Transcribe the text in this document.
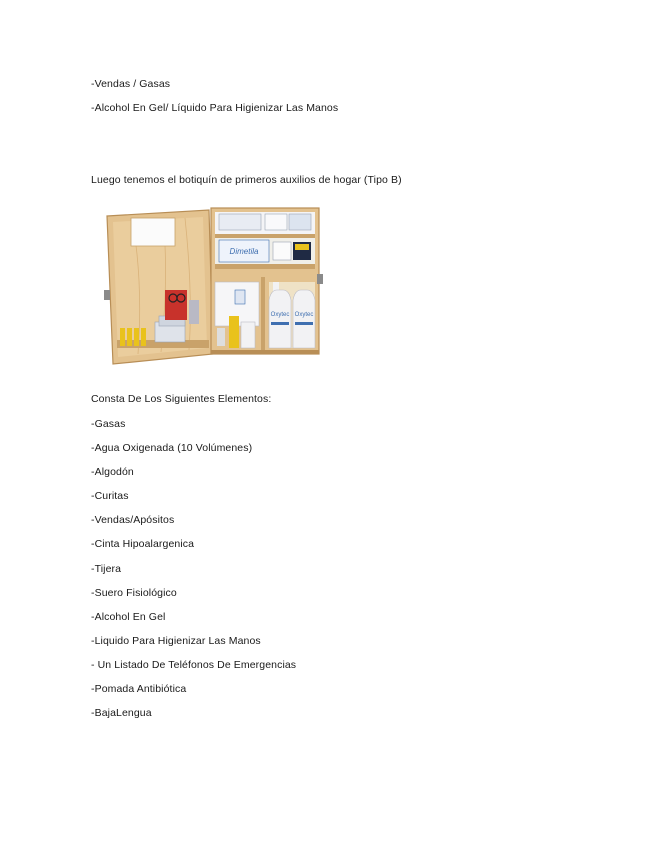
-Vendas / Gasas
-Alcohol En Gel/ Líquido Para Higienizar Las Manos
Luego tenemos el botiquín de primeros auxilios de hogar (Tipo B)
Dimetila
Oxytec Oxytec
Consta De Los Siguientes Elementos:
-Gasas
-Agua Oxigenada (10 Volúmenes)
-Algodón
-Curitas
-Vendas/Apósitos
-Cinta Hipoalargenica
-Tijera
-Suero Fisiológico
-Alcohol En Gel
-Liquido Para Higienizar Las Manos
- Un Listado De Teléfonos De Emergencias
-Pomada Antibiótica
-BajaLengua
